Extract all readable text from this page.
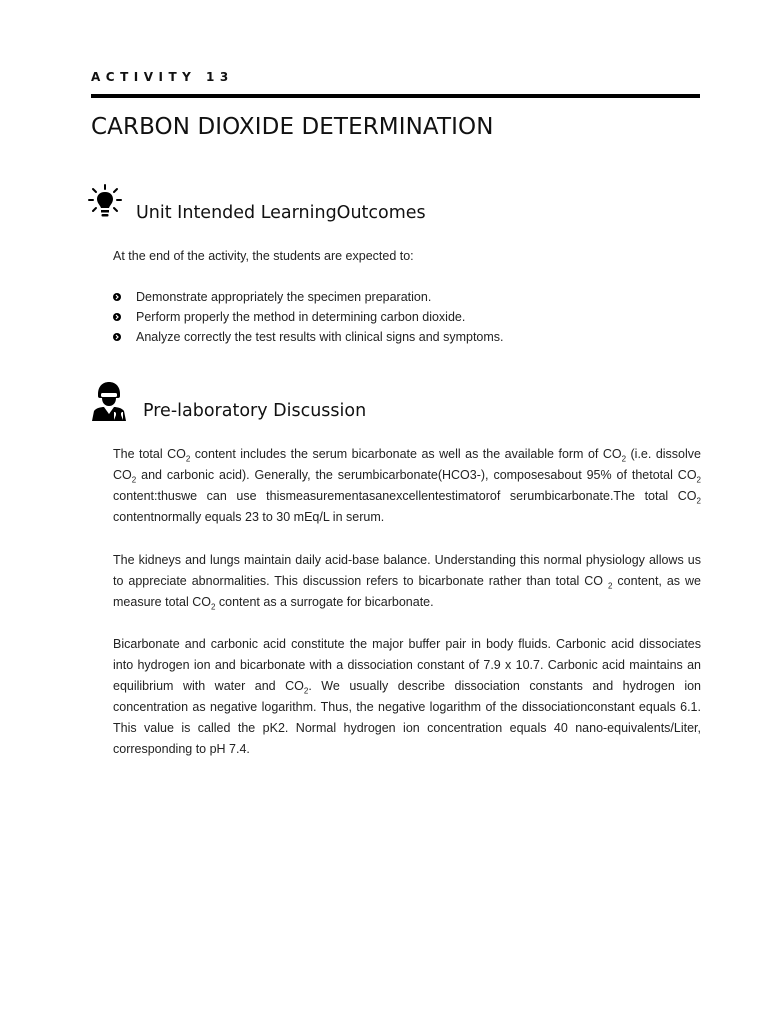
ACTIVITY 13
CARBON DIOXIDE DETERMINATION
Unit Intended LearningOutcomes

At the end of the activity, the students are expected to:

Demonstrate appropriately the specimen preparation.
Perform properly the method in determining carbon dioxide.
Analyze correctly the test results with clinical signs and symptoms.
Pre-laboratory Discussion

The total $CO_2$ content includes the serum bicarbonate as well as the available form of $CO_2$ (i.e. dissolve $CO_2$ and carbonic acid). Generally, the serumbicarbonate(HCO3-), composesabout 95% of thetotal $CO_2$ content:thuswe can use thismeasurementasanexcellentestimatorof serumbicarbonate.The total $CO_2$ contentnormally equals 23 to 30 mEq/L in serum.

The kidneys and lungs maintain daily acid-base balance. Understanding this normal physiology allows us to appreciate abnormalities. This discussion refers to bicarbonate rather than total CO $_2$ content, as we measure total $CO_2$ content as a surrogate for bicarbonate.

Bicarbonate and carbonic acid constitute the major buffer pair in body fluids. Carbonic acid dissociates into hydrogen ion and bicarbonate with a dissociation constant of 7.9 x 10.7. Carbonic acid maintains an equilibrium with water and $CO_2$. We usually describe dissociation constants and hydrogen ion concentration as negative logarithm. Thus, the negative logarithm of the dissociationconstant equals 6.1. This value is called the pK2. Normal hydrogen ion concentration equals 40 nano-equivalents/Liter, corresponding to pH 7.4.
